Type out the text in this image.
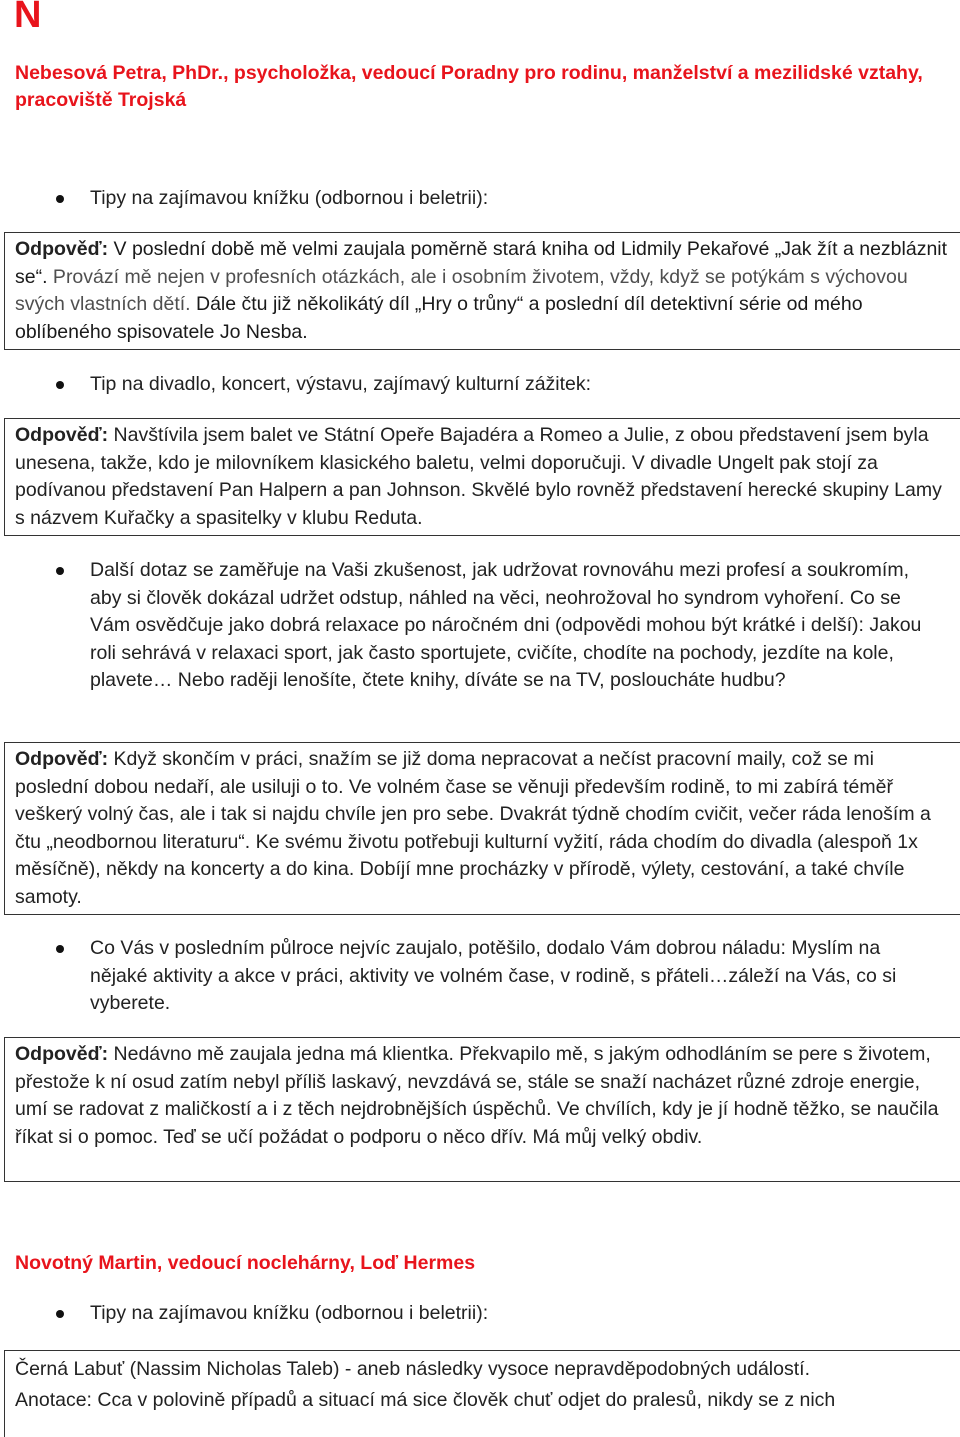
N
Nebesová Petra, PhDr., psycholožka, vedoucí Poradny pro rodinu, manželství a mezilidské vztahy, pracoviště Trojská
Tipy na zajímavou knížku (odbornou i beletrii):
Odpověď: V poslední době mě velmi zaujala poměrně stará kniha od Lidmily Pekařové „Jak žít a nezbláznit se“. Provází mě nejen v profesních otázkách, ale i osobním životem, vždy, když se potýkám s výchovou svých vlastních dětí. Dále čtu již několikátý díl „Hry o trůny“ a poslední díl detektivní série od mého oblíbeného spisovatele Jo Nesba.
Tip na divadlo, koncert, výstavu, zajímavý kulturní zážitek:
Odpověď: Navštívila jsem balet ve Státní Opeře Bajadéra a Romeo a Julie, z obou představení jsem byla unesena, takže, kdo je milovníkem klasického baletu, velmi doporučuji. V divadle Ungelt pak stojí za podívanou představení Pan Halpern a pan Johnson. Skvělé bylo rovněž představení herecké skupiny Lamy s názvem Kuřačky a spasitelky v klubu Reduta.
Další dotaz se zaměřuje na Vaši zkušenost, jak udržovat rovnováhu mezi profesí a soukromím, aby si člověk dokázal udržet odstup, náhled na věci, neohrožoval ho syndrom vyhoření. Co se Vám osvědčuje jako dobrá relaxace po náročném dni (odpovědi mohou být krátké i delší): Jakou roli sehrává v relaxaci sport, jak často sportujete, cvičíte, chodíte na pochody, jezdíte na kole, plavete… Nebo raději lenošíte, čtete knihy, díváte se na TV, posloucháte hudbu?
Odpověď: Když skončím v práci, snažím se již doma nepracovat a nečíst pracovní maily, což se mi poslední dobou nedaří, ale usiluji o to. Ve volném čase se věnuji především rodině, to mi zabírá téměř veškerý volný čas, ale i tak si najdu chvíle jen pro sebe. Dvakrát týdně chodím cvičit, večer ráda lenoším a čtu „neodbornou literaturu“. Ke svému životu potřebuji kulturní vyžití, ráda chodím do divadla (alespoň 1x měsíčně), někdy na koncerty a do kina. Dobíjí mne procházky v přírodě, výlety, cestování, a také chvíle samoty.
Co Vás v posledním půlroce nejvíc zaujalo, potěšilo, dodalo Vám dobrou náladu: Myslím na nějaké aktivity a akce v práci, aktivity ve volném čase, v rodině, s přáteli…záleží na Vás, co si vyberete.
Odpověď: Nedávno mě zaujala jedna má klientka. Překvapilo mě, s jakým odhodláním se pere s životem, přestože k ní osud zatím nebyl příliš laskavý, nevzdává se, stále se snaží nacházet různé zdroje energie, umí se radovat z maličkostí a i z těch nejdrobnějších úspěchů. Ve chvílích, kdy je jí hodně těžko, se naučila říkat si o pomoc. Teď se učí požádat o podporu o něco dřív. Má můj velký obdiv.
Novotný Martin, vedoucí noclehárny, Loď Hermes
Tipy na zajímavou knížku (odbornou i beletrii):
Černá Labuť (Nassim Nicholas Taleb) - aneb následky vysoce nepravděpodobných událostí.
Anotace: Cca v polovině případů a situací má sice člověk chuť odjet do pralesů, nikdy se z nich
